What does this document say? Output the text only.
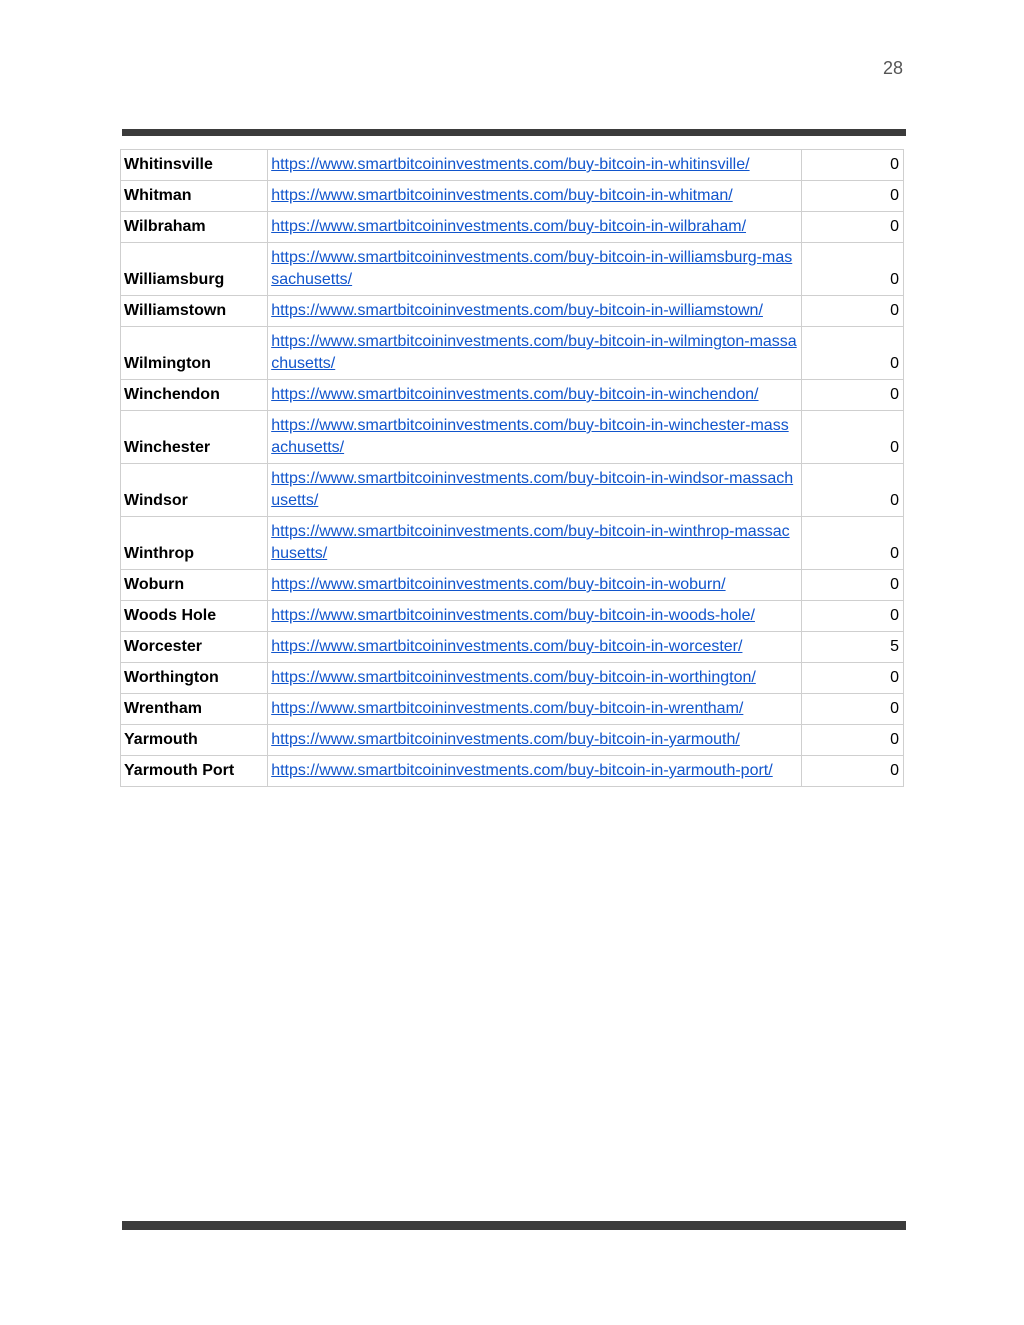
28
Whitinsville	https://www.smartbitcoininvestments.com/buy-bitcoin-in-whitinsville/	0
Whitman	https://www.smartbitcoininvestments.com/buy-bitcoin-in-whitman/	0
Wilbraham	https://www.smartbitcoininvestments.com/buy-bitcoin-in-wilbraham/	0
Williamsburg	https://www.smartbitcoininvestments.com/buy-bitcoin-in-williamsburg-massachusetts/	0
Williamstown	https://www.smartbitcoininvestments.com/buy-bitcoin-in-williamstown/	0
Wilmington	https://www.smartbitcoininvestments.com/buy-bitcoin-in-wilmington-massachusetts/	0
Winchendon	https://www.smartbitcoininvestments.com/buy-bitcoin-in-winchendon/	0
Winchester	https://www.smartbitcoininvestments.com/buy-bitcoin-in-winchester-massachusetts/	0
Windsor	https://www.smartbitcoininvestments.com/buy-bitcoin-in-windsor-massachusetts/	0
Winthrop	https://www.smartbitcoininvestments.com/buy-bitcoin-in-winthrop-massachusetts/	0
Woburn	https://www.smartbitcoininvestments.com/buy-bitcoin-in-woburn/	0
Woods Hole	https://www.smartbitcoininvestments.com/buy-bitcoin-in-woods-hole/	0
Worcester	https://www.smartbitcoininvestments.com/buy-bitcoin-in-worcester/	5
Worthington	https://www.smartbitcoininvestments.com/buy-bitcoin-in-worthington/	0
Wrentham	https://www.smartbitcoininvestments.com/buy-bitcoin-in-wrentham/	0
Yarmouth	https://www.smartbitcoininvestments.com/buy-bitcoin-in-yarmouth/	0
Yarmouth Port	https://www.smartbitcoininvestments.com/buy-bitcoin-in-yarmouth-port/	0
